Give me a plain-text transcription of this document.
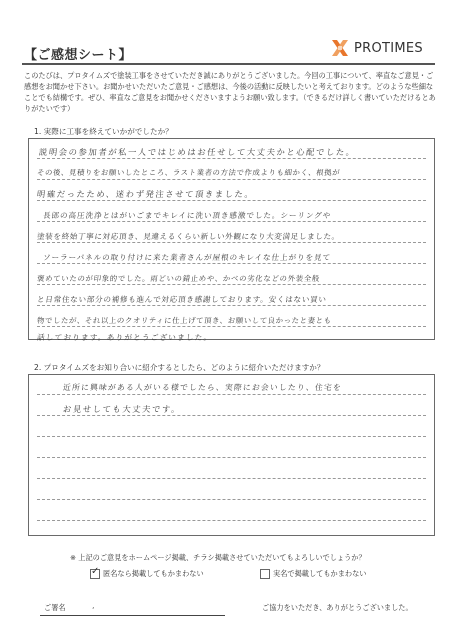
【ご感想シート】	PROTIMES
このたびは、プロタイムズで塗装工事をさせていただき誠にありがとうございました。今回の工事について、率直なご意見・ご感想をお聞かせ下さい。お聞かせいただいたご意見・ご感想は、今後の活動に反映したいと考えております。どのような些細なことでも結構です。ぜひ、率直なご意見をお聞かせくださいますようお願い致します。（できるだけ詳しく書いていただけるとありがたいです）
1. 実際に工事を終えていかがでしたか？
説明会の参加者が私一人ではじめはお任せして大丈夫かと心配でした。
その後、見積りをお願いしたところ、ラスト業者の方法で作成よりも細かく、根拠が
明確だったため、迷わず発注させて頂きました。
長郎の高圧洗浄とはがいごまでキレイに洗い頂き感激でした。シーリングや
塗装を終始丁寧に対応頂き、見違えるくらい新しい外観になり大変満足しました。
ソーラーパネルの取り付けに来た業者さんが屋根のキレイな仕上がりを見て
褒めていたのが印象的でした。雨どいの錆止めや、かべの劣化などの外装全般
と日常住ない部分の補修も進んで対応頂き感謝しております。安くはない買い
物でしたが、それ以上のクオリティに仕上げて頂き、お願いして良かったと妻とも
話しております。ありがとうございました。
2. プロタイムズをお知り合いに紹介するとしたら、どのように紹介いただけますか？
近所に興味がある人がいる様でしたら、実際にお会いしたり、住宅を
お見せしても大丈夫です。
※ 上記のご意見をホームページ掲載、チラシ掲載させていただいてもよろしいでしょうか？
✓ 匿名なら掲載してもかまわない	実名で掲載してもかまわない
ご署名	,	ご協力をいただき、ありがとうございました。
